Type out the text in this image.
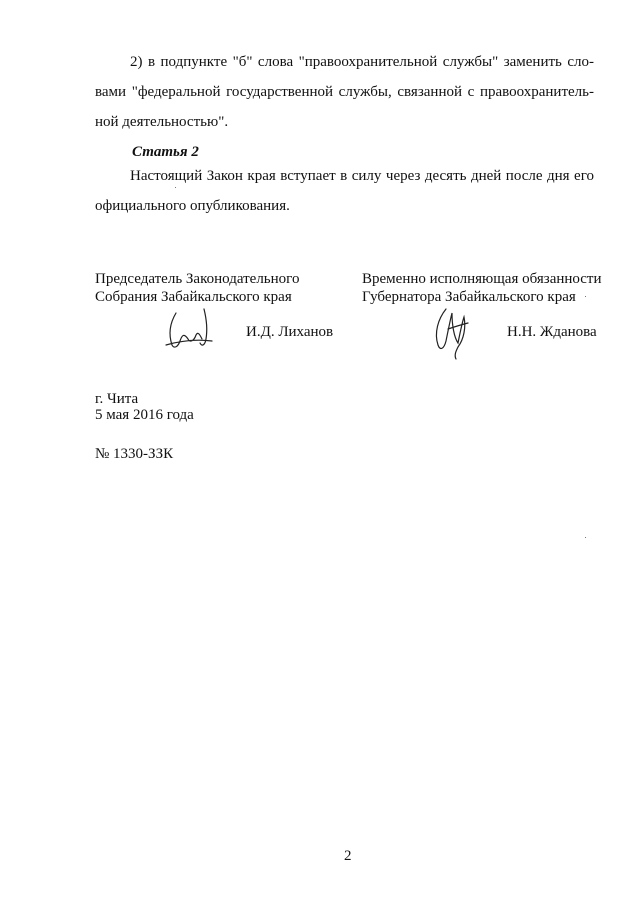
2) в подпункте "б" слова "правоохранительной службы" заменить сло-
вами "федеральной государственной службы, связанной с правоохранитель-
ной деятельностью".
Статья 2
Настоящий Закон края вступает в силу через десять дней после дня его
официального опубликования.
Председатель Законодательного
Собрания Забайкальского края
И.Д. Лиханов
Временно исполняющая обязанности
Губернатора Забайкальского края
Н.Н. Жданова
г. Чита
5 мая 2016 года
№ 1330-ЗЗК
2
